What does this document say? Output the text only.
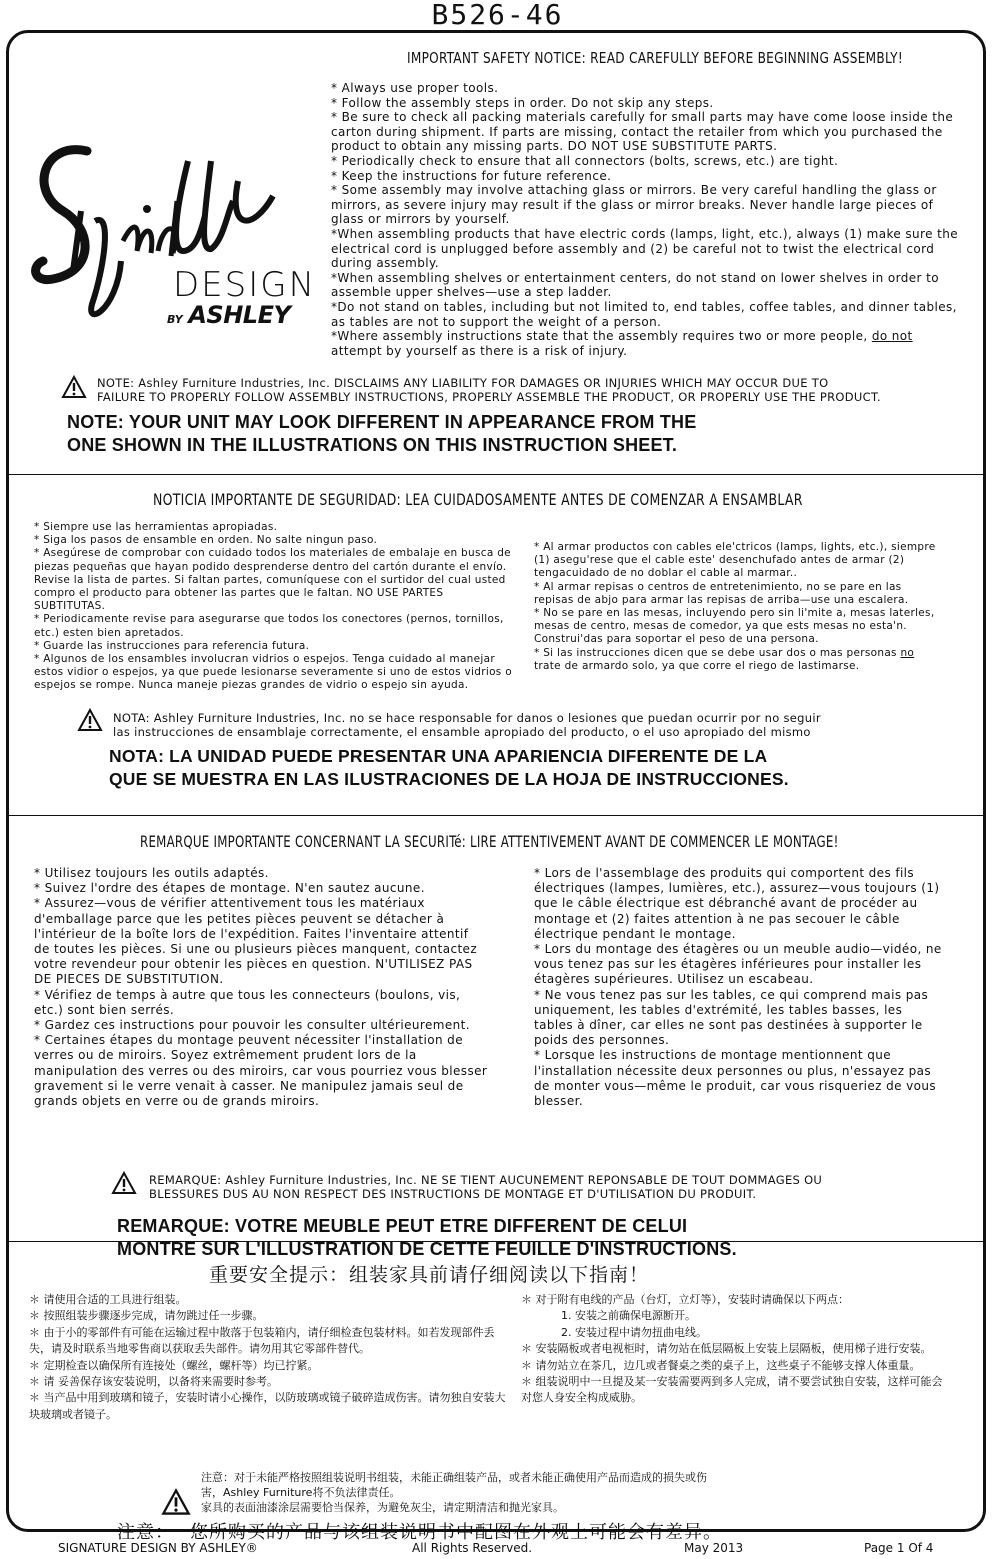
B526-46
DESIGN
BY ASHLEY
IMPORTANT SAFETY NOTICE: READ CAREFULLY BEFORE BEGINNING ASSEMBLY!

* Always use proper tools.

* Follow the assembly steps in order. Do not skip any steps.

* Be sure to check all packing materials carefully for small parts may have come loose inside the carton during shipment. If parts are missing, contact the retailer from which you purchased the product to obtain any missing parts. DO NOT USE SUBSTITUTE PARTS.

* Periodically check to ensure that all connectors (bolts, screws, etc.) are tight.

* Keep the instructions for future reference.

* Some assembly may involve attaching glass or mirrors. Be very careful handling the glass or mirrors, as severe injury may result if the glass or mirror breaks. Never handle large pieces of glass or mirrors by yourself.

*When assembling products that have electric cords (lamps, light, etc.), always (1) make sure the electrical cord is unplugged before assembly and (2) be careful not to twist the electrical cord during assembly.

*When assembling shelves or entertainment centers, do not stand on lower shelves in order to assemble upper shelves—use a step ladder.

*Do not stand on tables, including but not limited to, end tables, coffee tables, and dinner tables, as tables are not to support the weight of a person.

*Where assembly instructions state that the assembly requires two or more people, do not attempt by yourself as there is a risk of injury.

NOTE: Ashley Furniture Industries, Inc. DISCLAIMS ANY LIABILITY FOR DAMAGES OR INJURIES WHICH MAY OCCUR DUE TO
FAILURE TO PROPERLY FOLLOW ASSEMBLY INSTRUCTIONS, PROPERLY ASSEMBLE THE PRODUCT, OR PROPERLY USE THE PRODUCT.
NOTE: YOUR UNIT MAY LOOK DIFFERENT IN APPEARANCE FROM THE
ONE SHOWN IN THE ILLUSTRATIONS ON THIS INSTRUCTION SHEET.
NOTICIA IMPORTANTE DE SEGURIDAD: LEA CUIDADOSAMENTE ANTES DE COMENZAR A ENSAMBLAR

* Siempre use las herramientas apropiadas.

* Siga los pasos de ensamble en orden. No salte ningun paso.

* Asegúrese de comprobar con cuidado todos los materiales de embalaje en busca de piezas pequeñas que hayan podido desprenderse dentro del cartón durante el envío. Revise la lista de partes. Si faltan partes, comuníquese con el surtidor del cual usted compro el producto para obtener las partes que le faltan. NO USE PARTES SUBTITUTAS.

* Periodicamente revise para asegurarse que todos los conectores (pernos, tornillos, etc.) esten bien apretados.

* Guarde las instrucciones para referencia futura.

* Algunos de los ensambles involucran vidrios o espejos. Tenga cuidado al manejar estos vidior o espejos, ya que puede lesionarse severamente si uno de estos vidrios o espejos se rompe. Nunca maneje piezas grandes de vidrio o espejo sin ayuda.

* Al armar productos con cables ele'ctricos (lamps, lights, etc.), siempre (1) asegu'rese que el cable este' desenchufado antes de armar (2) tengacuidado de no doblar el cable al marmar..

* Al armar repisas o centros de entretenimiento, no se pare en las repisas de abjo para armar las repisas de arriba—use una escalera.

* No se pare en las mesas, incluyendo pero sin li'mite a, mesas laterles, mesas de centro, mesas de comedor, ya que ests mesas no esta'n. Construi'das para soportar el peso de una persona.

* Si las instrucciones dicen que se debe usar dos o mas personas no trate de armardo solo, ya que corre el riego de lastimarse.

NOTA: Ashley Furniture Industries, Inc. no se hace responsable for danos o lesiones que puedan ocurrir por no seguir
las instrucciones de ensamblaje correctamente, el ensamble apropiado del producto, o el uso apropiado del mismo
NOTA: LA UNIDAD PUEDE PRESENTAR UNA APARIENCIA DIFERENTE DE LA
QUE SE MUESTRA EN LAS ILUSTRACIONES DE LA HOJA DE INSTRUCCIONES.
REMARQUE IMPORTANTE CONCERNANT LA SECURITé: LIRE ATTENTIVEMENT AVANT DE COMMENCER LE MONTAGE!

* Utilisez toujours les outils adaptés.

* Suivez l'ordre des étapes de montage. N'en sautez aucune.

* Assurez—vous de vérifier attentivement tous les matériaux d'emballage parce que les petites pièces peuvent se détacher à l'intérieur de la boîte lors de l'expédition. Faites l'inventaire attentif de toutes les pièces. Si une ou plusieurs pièces manquent, contactez votre revendeur pour obtenir les pièces en question. N'UTILISEZ PAS DE PIECES DE SUBSTITUTION.

* Vérifiez de temps à autre que tous les connecteurs (boulons, vis, etc.) sont bien serrés.

* Gardez ces instructions pour pouvoir les consulter ultérieurement.

* Certaines étapes du montage peuvent nécessiter l'installation de verres ou de miroirs. Soyez extrêmement prudent lors de la manipulation des verres ou des miroirs, car vous pourriez vous blesser gravement si le verre venait à casser. Ne manipulez jamais seul de grands objets en verre ou de grands miroirs.

* Lors de l'assemblage des produits qui comportent des fils électriques (lampes, lumières, etc.), assurez—vous toujours (1) que le câble électrique est débranché avant de procéder au montage et (2) faites attention à ne pas secouer le câble électrique pendant le montage.

* Lors du montage des étagères ou un meuble audio—vidéo, ne vous tenez pas sur les étagères inférieures pour installer les étagères supérieures. Utilisez un escabeau.

* Ne vous tenez pas sur les tables, ce qui comprend mais pas uniquement, les tables d'extrémité, les tables basses, les tables à dîner, car elles ne sont pas destinées à supporter le poids des personnes.

* Lorsque les instructions de montage mentionnent que l'installation nécessite deux personnes ou plus, n'essayez pas de monter vous—même le produit, car vous risqueriez de vous blesser.

REMARQUE: Ashley Furniture Industries, Inc. NE SE TIENT AUCUNEMENT REPONSABLE DE TOUT DOMMAGES OU
BLESSURES DUS AU NON RESPECT DES INSTRUCTIONS DE MONTAGE ET D'UTILISATION DU PRODUIT.
REMARQUE: VOTRE MEUBLE PEUT ETRE DIFFERENT DE CELUI
MONTRE SUR L'ILLUSTRATION DE CETTE FEUILLE D'INSTRUCTIONS.
重要安全提示：组装家具前请仔细阅读以下指南！

＊ 请使用合适的工具进行组装。

＊ 按照组装步骤逐步完成，请勿跳过任一步骤。

＊ 由于小的零部件有可能在运输过程中散落于包装箱内，请仔细检查包装材料。如若发现部件丢失，请及时联系当地零售商以获取丢失部件。请勿用其它零部件替代。

＊ 定期检查以确保所有连接处（螺丝，螺杆等）均已拧紧。

＊ 请 妥善保存该安装说明，以备将来需要时参考。

＊ 当产品中用到玻璃和镜子，安装时请小心操作，以防玻璃或镜子破碎造成伤害。请勿独自安装大块玻璃或者镜子。

＊ 对于附有电线的产品（台灯，立灯等），安装时请确保以下两点：

1. 安装之前确保电源断开。

2. 安装过程中请勿扭曲电线。

＊ 安装隔板或者电视柜时，请勿站在低层隔板上安装上层隔板，使用梯子进行安装。

＊ 请勿站立在茶几，边几或者餐桌之类的桌子上，这些桌子不能够支撑人体重量。

＊ 组装说明中一旦提及某一安装需要两到多人完成，请不要尝试独自安装，这样可能会对您人身安全构成威胁。

注意：对于未能严格按照组装说明书组装，未能正确组装产品，或者未能正确使用产品而造成的损失或伤
害，Ashley Furniture将不负法律责任。
家具的表面油漆涂层需要恰当保养，为避免灰尘，请定期清洁和抛光家具。
注意： 您所购买的产品与该组装说明书中配图在外观上可能会有差异。
SIGNATURE DESIGN BY ASHLEY®	All Rights Reserved.	May 2013	Page 1 Of 4
